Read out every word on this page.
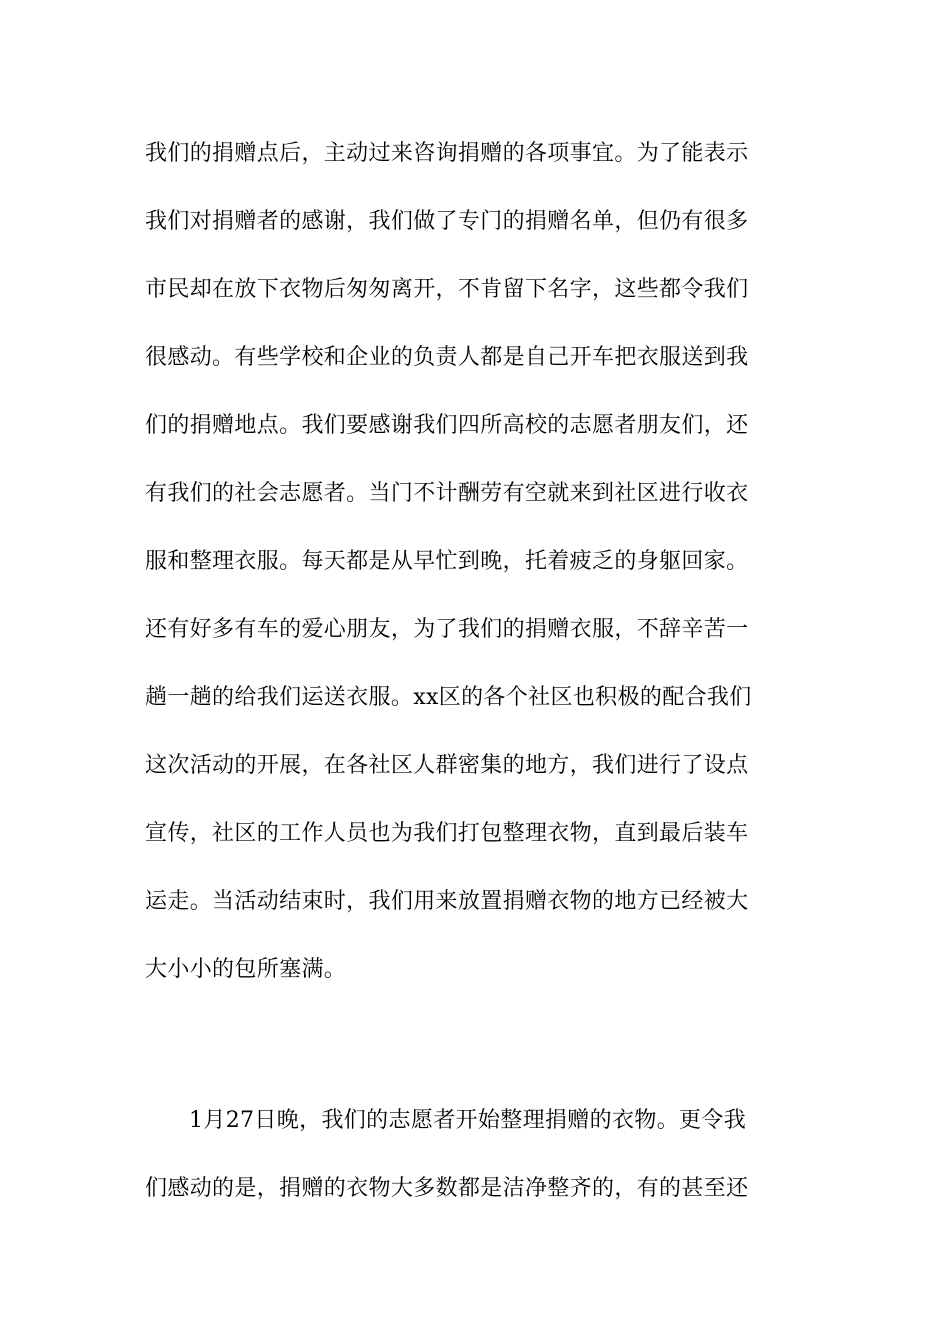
我们的捐赠点后，主动过来咨询捐赠的各项事宜。为了能表示
我们对捐赠者的感谢，我们做了专门的捐赠名单，但仍有很多
市民却在放下衣物后匆匆离开，不肯留下名字，这些都令我们
很感动。有些学校和企业的负责人都是自己开车把衣服送到我
们的捐赠地点。我们要感谢我们四所高校的志愿者朋友们，还
有我们的社会志愿者。当门不计酬劳有空就来到社区进行收衣
服和整理衣服。每天都是从早忙到晚，托着疲乏的身躯回家。
还有好多有车的爱心朋友，为了我们的捐赠衣服，不辞辛苦一
趟一趟的给我们运送衣服。xx区的各个社区也积极的配合我们
这次活动的开展，在各社区人群密集的地方，我们进行了设点
宣传，社区的工作人员也为我们打包整理衣物，直到最后装车
运走。当活动结束时，我们用来放置捐赠衣物的地方已经被大
大小小的包所塞满。
1月27日晚，我们的志愿者开始整理捐赠的衣物。更令我
们感动的是，捐赠的衣物大多数都是洁净整齐的，有的甚至还
